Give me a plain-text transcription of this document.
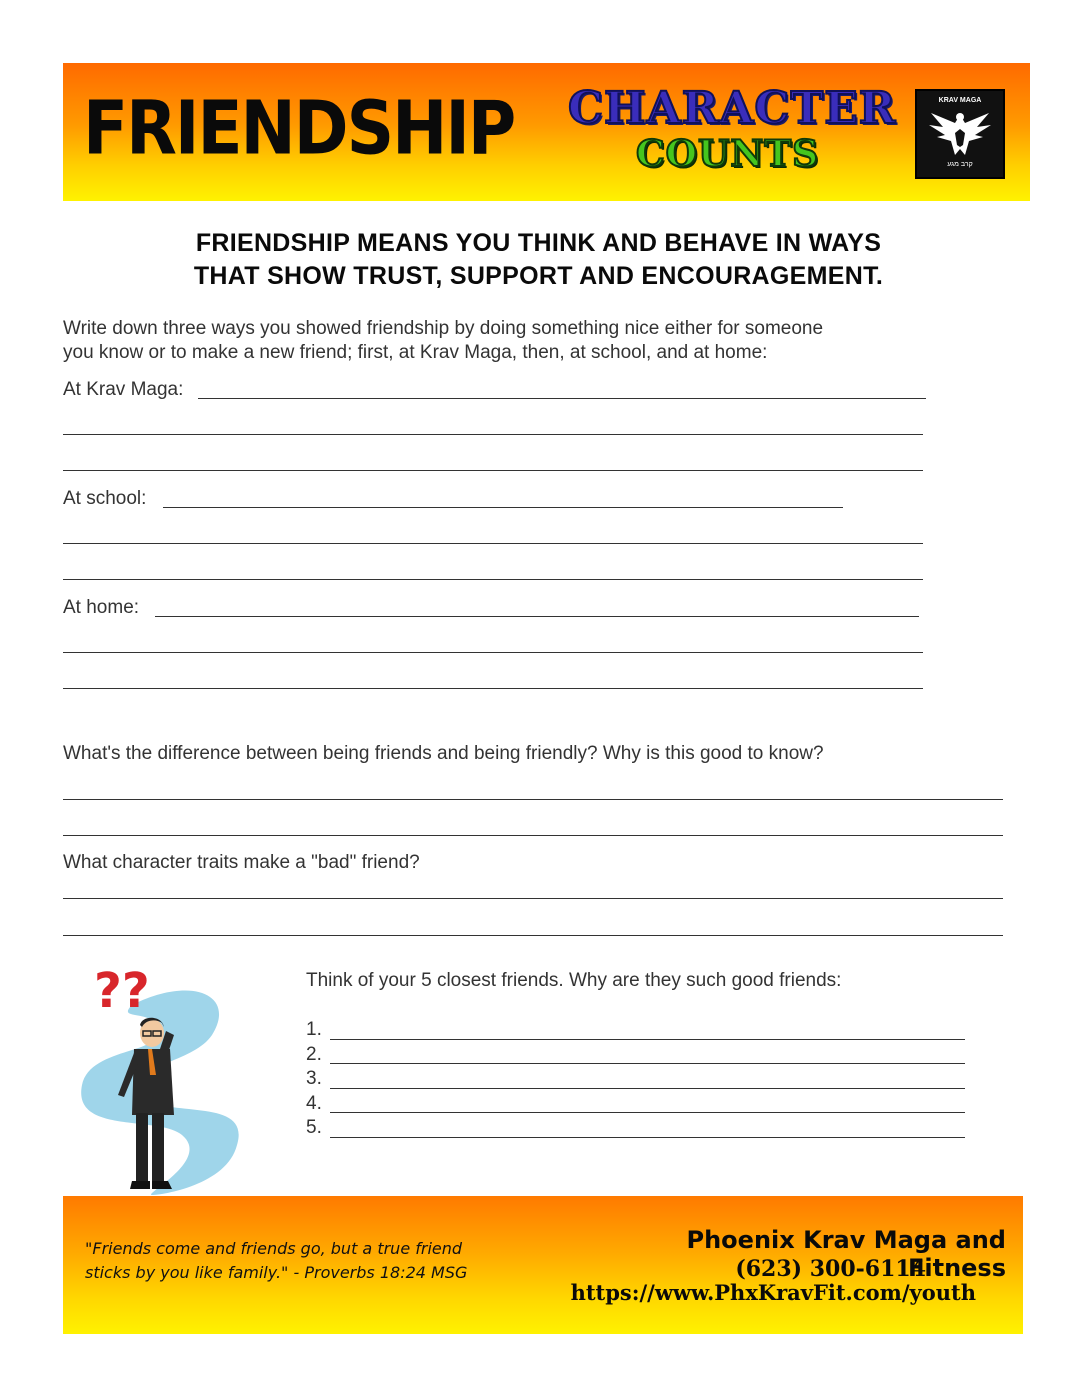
FRIENDSHIP CHARACTER
COUNTS
KRAV MAGA
קרב מגע
FRIENDSHIP MEANS YOU THINK AND BEHAVE IN WAYS
THAT SHOW TRUST, SUPPORT AND ENCOURAGEMENT.
Write down three ways you showed friendship by doing something nice either for someone
you know or to make a new friend; first, at Krav Maga, then, at school, and at home:
At Krav Maga:
At school:
At home:
What's the difference between being friends and being friendly? Why is this good to know?
What character traits make a "bad" friend?
??	Think of your 5 closest friends. Why are they such good friends:
1.
2.
3.
4.
5.
"Friends come and friends go, but a true friend
sticks by you like family." - Proverbs 18:24 MSG
Phoenix Krav Maga and Fitness
(623) 300-6114
https://www.PhxKravFit.com/youth
